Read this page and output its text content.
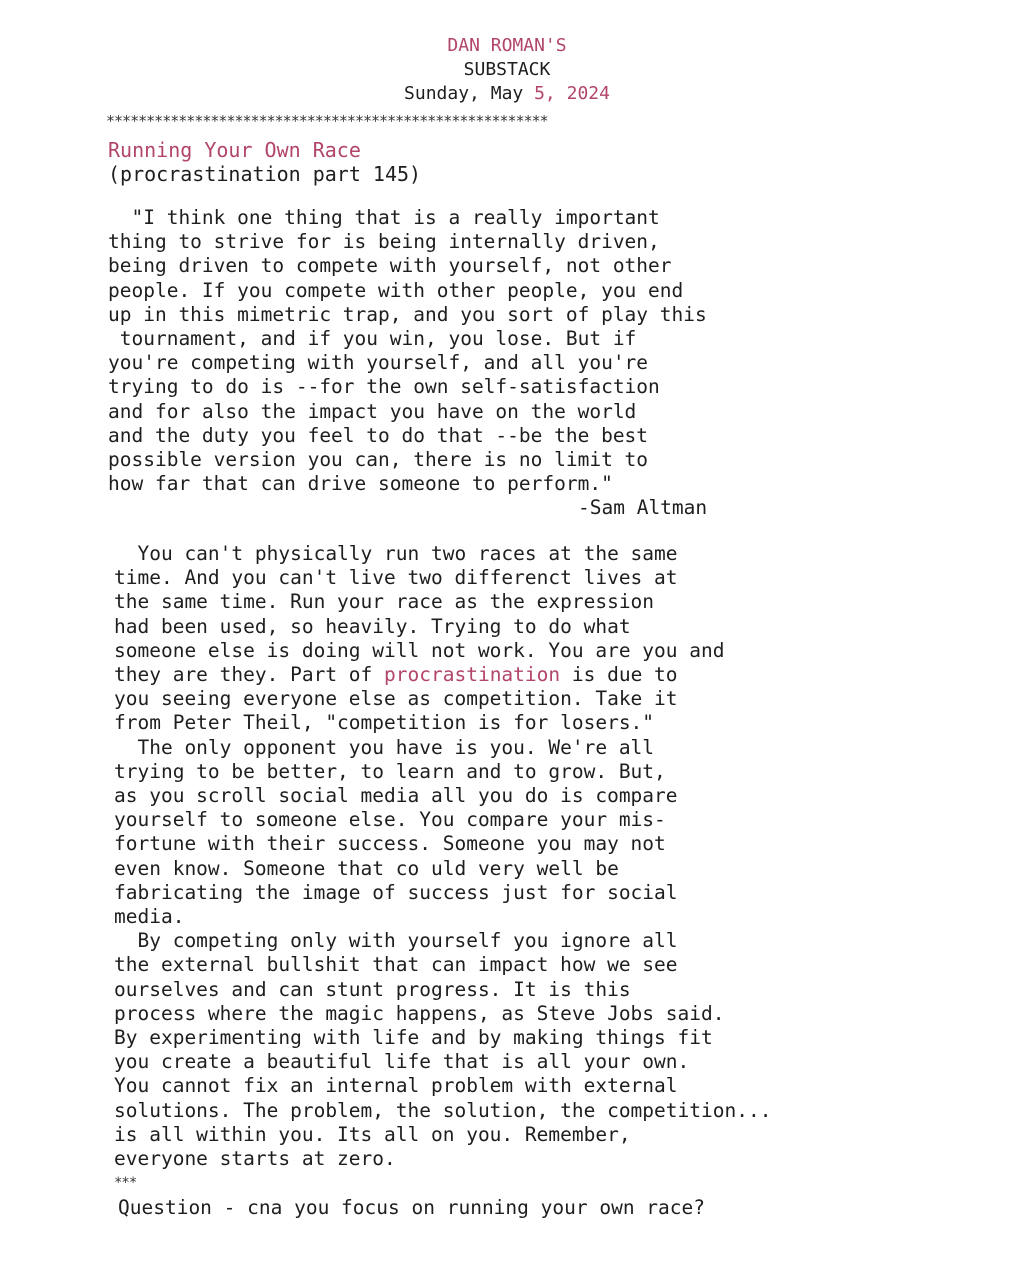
DAN ROMAN'S
SUBSTACK
Sunday, May 5, 2024
*******************************************************
Running Your Own Race
(procrastination part 145)
"I think one thing that is a really important
thing to strive for is being internally driven,
being driven to compete with yourself, not other
people. If you compete with other people, you end
up in this mimetric trap, and you sort of play this
tournament, and if you win, you lose. But if
you're competing with yourself, and all you're
trying to do is --for the own self-satisfaction
and for also the impact you have on the world
and the duty you feel to do that --be the best
possible version you can, there is no limit to
how far that can drive someone to perform."
-Sam Altman
You can't physically run two races at the same
time. And you can't live two differenct lives at
the same time. Run your race as the expression
had been used, so heavily. Trying to do what
someone else is doing will not work. You are you and
they are they. Part of procrastination is due to
you seeing everyone else as competition. Take it
from Peter Theil, "competition is for losers."
The only opponent you have is you. We're all
trying to be better, to learn and to grow. But,
as you scroll social media all you do is compare
yourself to someone else. You compare your mis-
fortune with their success. Someone you may not
even know. Someone that co uld very well be
fabricating the image of success just for social
media.
By competing only with yourself you ignore all
the external bullshit that can impact how we see
ourselves and can stunt progress. It is this
process where the magic happens, as Steve Jobs said.
By experimenting with life and by making things fit
you create a beautiful life that is all your own.
You cannot fix an internal problem with external
solutions. The problem, the solution, the competition...
is all within you. Its all on you. Remember,
everyone starts at zero.
***
Question - cna you focus on running your own race?
